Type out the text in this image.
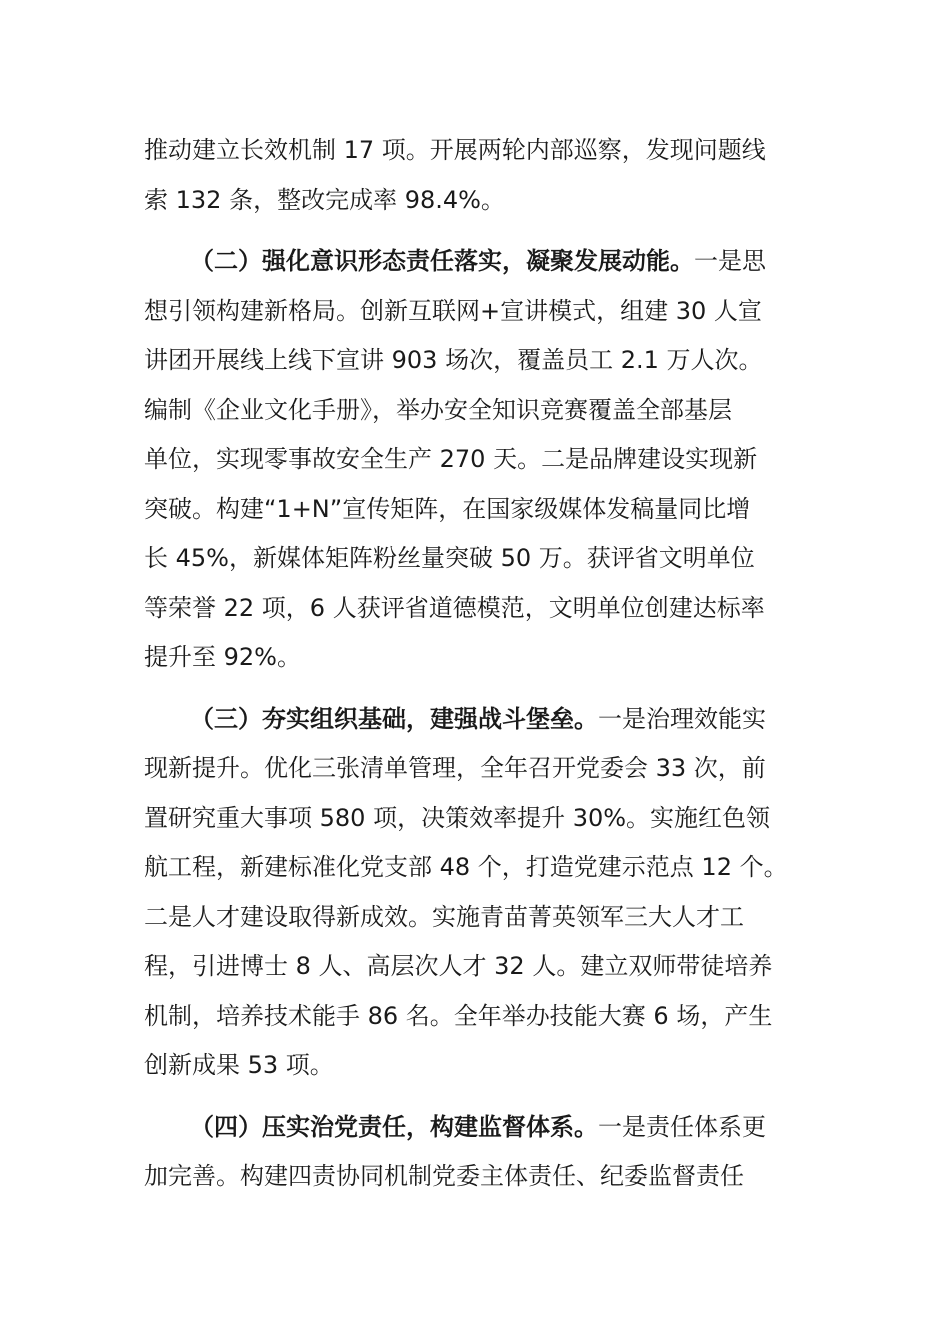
推动建立长效机制 17 项。开展两轮内部巡察，发现问题线
索 132 条，整改完成率 98.4%。
（二）强化意识形态责任落实，凝聚发展动能。一是思
想引领构建新格局。创新互联网+宣讲模式，组建 30 人宣
讲团开展线上线下宣讲 903 场次，覆盖员工 2.1 万人次。
编制《企业文化手册》，举办安全知识竞赛覆盖全部基层
单位，实现零事故安全生产 270 天。二是品牌建设实现新
突破。构建“1+N”宣传矩阵，在国家级媒体发稿量同比增
长 45%，新媒体矩阵粉丝量突破 50 万。获评省文明单位
等荣誉 22 项，6 人获评省道德模范，文明单位创建达标率
提升至 92%。
（三）夯实组织基础，建强战斗堡垒。一是治理效能实
现新提升。优化三张清单管理，全年召开党委会 33 次，前
置研究重大事项 580 项，决策效率提升 30%。实施红色领
航工程，新建标准化党支部 48 个，打造党建示范点 12 个。
二是人才建设取得新成效。实施青苗菁英领军三大人才工
程，引进博士 8 人、高层次人才 32 人。建立双师带徒培养
机制，培养技术能手 86 名。全年举办技能大赛 6 场，产生
创新成果 53 项。
（四）压实治党责任，构建监督体系。一是责任体系更
加完善。构建四责协同机制党委主体责任、纪委监督责任
